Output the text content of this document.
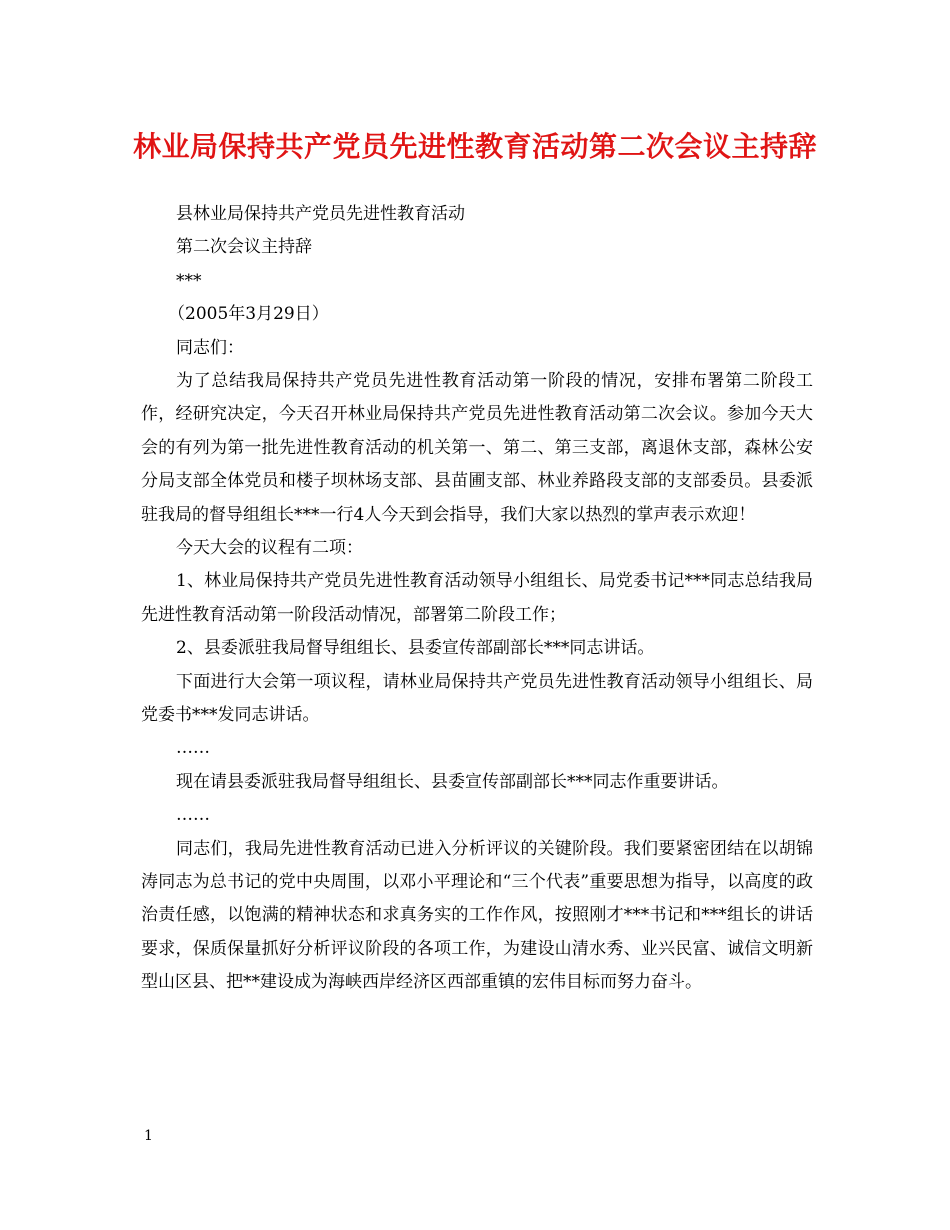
林业局保持共产党员先进性教育活动第二次会议主持辞
县林业局保持共产党员先进性教育活动
第二次会议主持辞
***
（2005年3月29日）
同志们：

为了总结我局保持共产党员先进性教育活动第一阶段的情况，安排布署第二阶段工作，经研究决定，今天召开林业局保持共产党员先进性教育活动第二次会议。参加今天大会的有列为第一批先进性教育活动的机关第一、第二、第三支部，离退休支部，森林公安分局支部全体党员和楼子坝林场支部、县苗圃支部、林业养路段支部的支部委员。县委派驻我局的督导组组长***一行4人今天到会指导，我们大家以热烈的掌声表示欢迎！

今天大会的议程有二项：

1、林业局保持共产党员先进性教育活动领导小组组长、局党委书记***同志总结我局先进性教育活动第一阶段活动情况，部署第二阶段工作；

2、县委派驻我局督导组组长、县委宣传部副部长***同志讲话。

下面进行大会第一项议程，请林业局保持共产党员先进性教育活动领导小组组长、局党委书***发同志讲话。

……

现在请县委派驻我局督导组组长、县委宣传部副部长***同志作重要讲话。

……

同志们，我局先进性教育活动已进入分析评议的关键阶段。我们要紧密团结在以胡锦涛同志为总书记的党中央周围，以邓小平理论和“三个代表”重要思想为指导，以高度的政治责任感，以饱满的精神状态和求真务实的工作作风，按照刚才***书记和***组长的讲话要求，保质保量抓好分析评议阶段的各项工作，为建设山清水秀、业兴民富、诚信文明新型山区县、把**建设成为海峡西岸经济区西部重镇的宏伟目标而努力奋斗。

1
